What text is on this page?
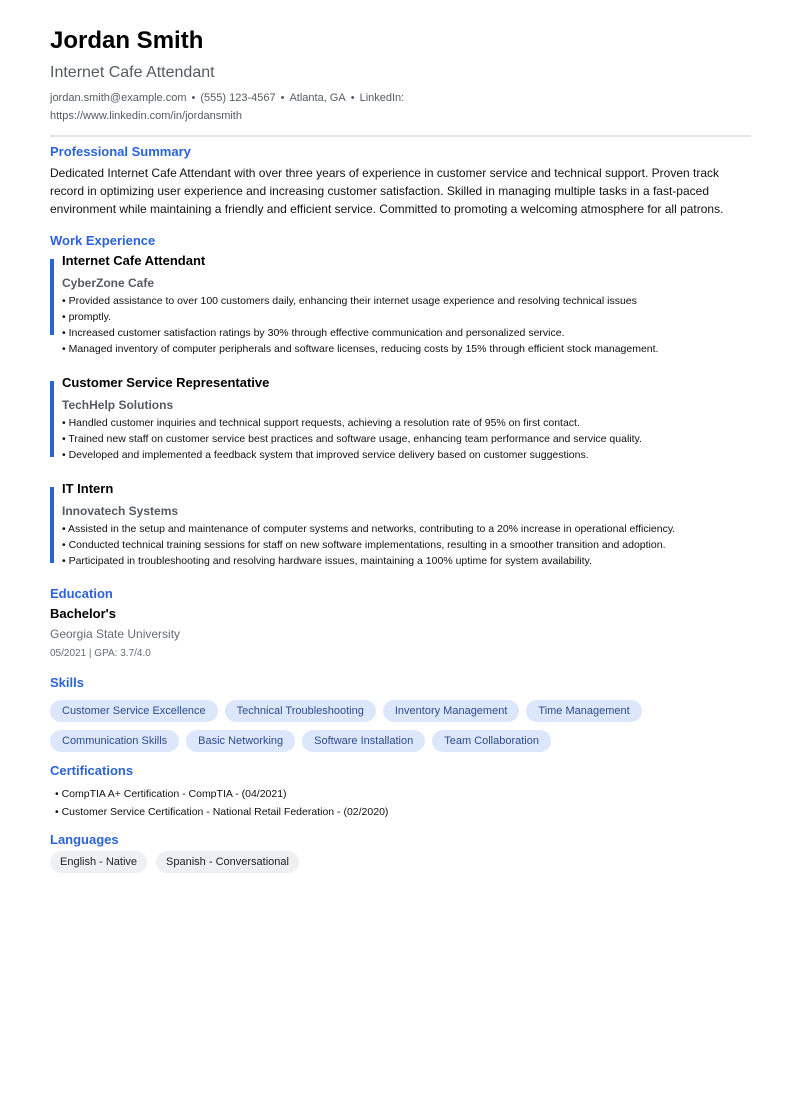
Jordan Smith
Internet Cafe Attendant
jordan.smith@example.com • (555) 123-4567 • Atlanta, GA • LinkedIn: https://www.linkedin.com/in/jordansmith
Professional Summary
Dedicated Internet Cafe Attendant with over three years of experience in customer service and technical support. Proven track record in optimizing user experience and increasing customer satisfaction. Skilled in managing multiple tasks in a fast-paced environment while maintaining a friendly and efficient service. Committed to promoting a welcoming atmosphere for all patrons.
Work Experience
Internet Cafe Attendant
CyberZone Cafe
• Provided assistance to over 100 customers daily, enhancing their internet usage experience and resolving technical issues
• promptly.
• Increased customer satisfaction ratings by 30% through effective communication and personalized service.
• Managed inventory of computer peripherals and software licenses, reducing costs by 15% through efficient stock management.
Customer Service Representative
TechHelp Solutions
• Handled customer inquiries and technical support requests, achieving a resolution rate of 95% on first contact.
• Trained new staff on customer service best practices and software usage, enhancing team performance and service quality.
• Developed and implemented a feedback system that improved service delivery based on customer suggestions.
IT Intern
Innovatech Systems
• Assisted in the setup and maintenance of computer systems and networks, contributing to a 20% increase in operational efficiency.
• Conducted technical training sessions for staff on new software implementations, resulting in a smoother transition and adoption.
• Participated in troubleshooting and resolving hardware issues, maintaining a 100% uptime for system availability.
Education
Bachelor's
Georgia State University
05/2021 | GPA: 3.7/4.0
Skills
Customer Service Excellence	Technical Troubleshooting	Inventory Management	Time Management
Communication Skills	Basic Networking	Software Installation	Team Collaboration
Certifications
• CompTIA A+ Certification - CompTIA - (04/2021)
• Customer Service Certification - National Retail Federation - (02/2020)
Languages
English - Native	Spanish - Conversational
